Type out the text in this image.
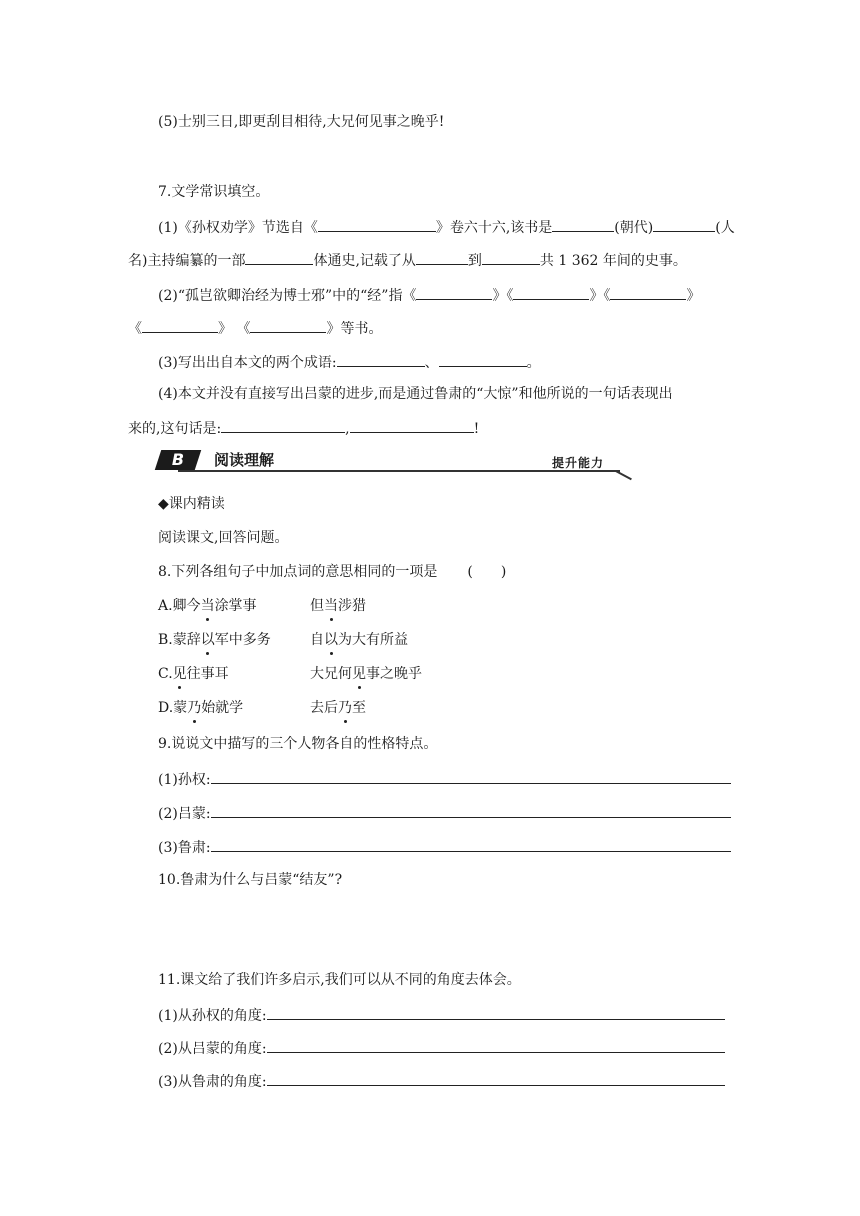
(5)士别三日,即更刮目相待,大兄何见事之晚乎!
7.文学常识填空。
(1)《孙权劝学》节选自《	》卷六十六,该书是	(朝代)	(人
名)主持编纂的一部	体通史,记载了从	到	共 1 362 年间的史事。
(2)“孤岂欲卿治经为博士邪”中的“经”指《	》《	》《	》
《	》 《	》等书。
(3)写出出自本文的两个成语:	、	。
(4)本文并没有直接写出吕蒙的进步,而是通过鲁肃的“大惊”和他所说的一句话表现出
来的,这句话是:	,	!
B	阅读理解	提升能力
◆课内精读
阅读课文,回答问题。
8.下列各组句子中加点词的意思相同的一项是 (　　)
A.卿今当涂掌事	但当涉猎
B.蒙辞以军中多务	自以为大有所益
C.见往事耳	大兄何见事之晚乎
D.蒙乃始就学	去后乃至
9.说说文中描写的三个人物各自的性格特点。
(1)孙权:
(2)吕蒙:
(3)鲁肃:
10.鲁肃为什么与吕蒙“结友”?
11.课文给了我们许多启示,我们可以从不同的角度去体会。
(1)从孙权的角度:
(2)从吕蒙的角度:
(3)从鲁肃的角度:
